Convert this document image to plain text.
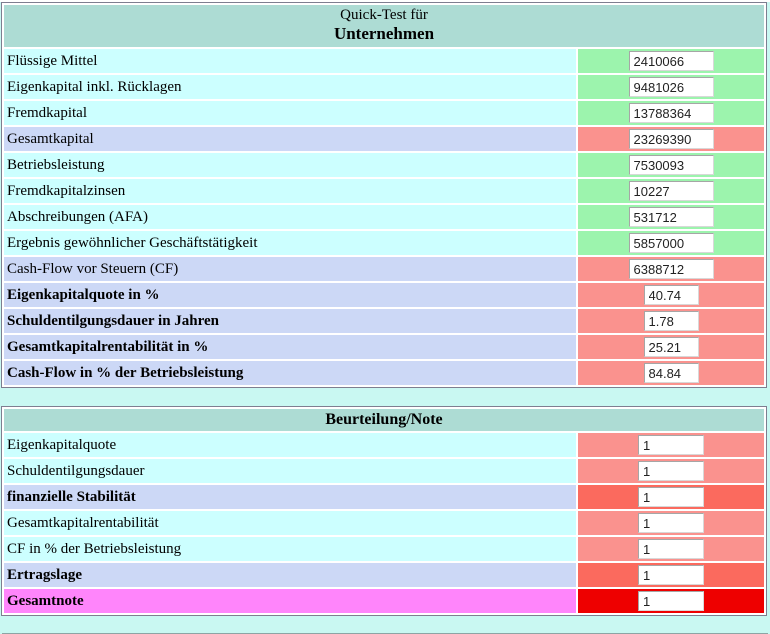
Quick-Test für
Unternehmen	

Flüssige Mittel	2410066
Eigenkapital inkl. Rücklagen	9481026
Fremdkapital	13788364
Gesamtkapital	23269390
Betriebsleistung	7530093
Fremdkapitalzinsen	10227
Abschreibungen (AFA)	531712
Ergebnis gewöhnlicher Geschäftstätigkeit	5857000
Cash-Flow vor Steuern (CF)	6388712
Eigenkapitalquote in %	40.74
Schuldentilgungsdauer in Jahren	1.78
Gesamtkapitalrentabilität in %	25.21
Cash-Flow in % der Betriebsleistung	84.84
Beurteilung/Note	
Eigenkapitalquote	1
Schuldentilgungsdauer	1
finanzielle Stabilität	1
Gesamtkapitalrentabilität	1
CF in % der Betriebsleistung	1
Ertragslage	1
Gesamtnote	1
